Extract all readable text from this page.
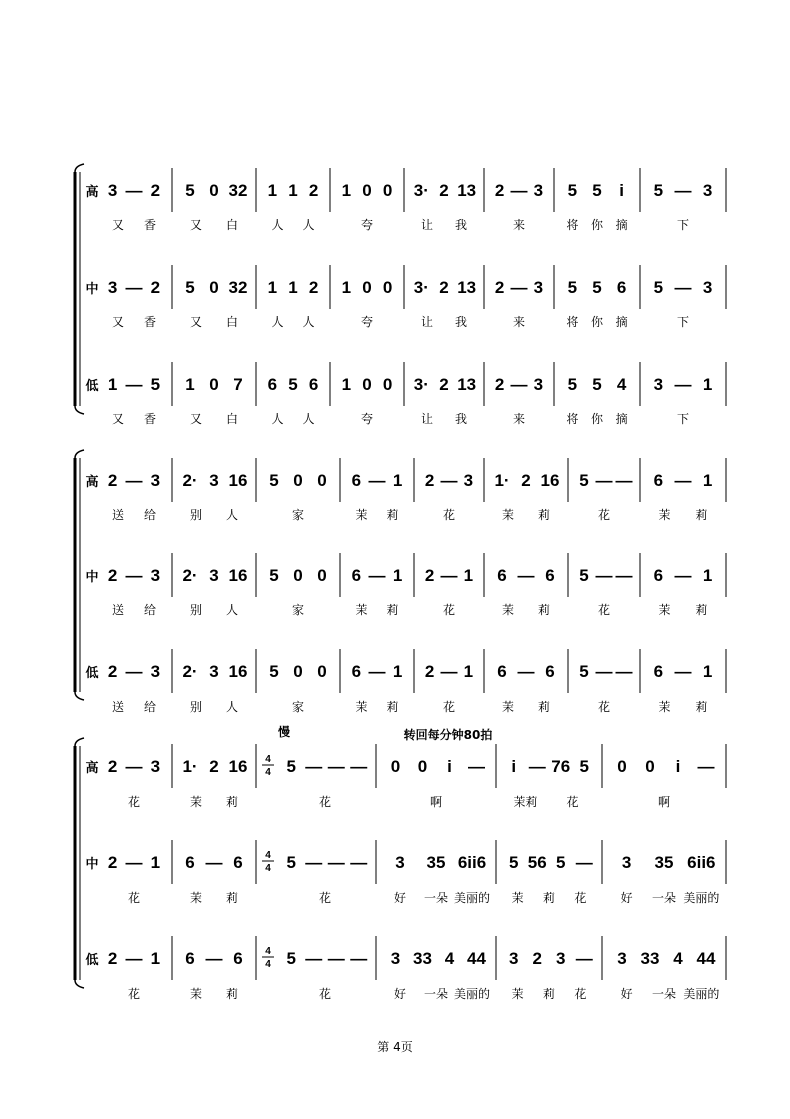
高 3 — 2
又 香
5 0 32
又 白
1 1 2
人 人
1 0 0
夸
3· 2 13
让 我
2 — 3
来
5 5 i
将 你 摘
5 — 3
下
中 3 — 2
又 香
5 0 32
又 白
1 1 2
人 人
1 0 0
夸
3· 2 13
让 我
2 — 3
来
5 5 6
将 你 摘
5 — 3
下
低 1 — 5
又 香
1 0 7
又 白
6 5 6
人 人
1 0 0
夸
3· 2 13
让 我
2 — 3
来
5 5 4
将 你 摘
3 — 1
下
高 2 — 3
送 给
2· 3 16
别 人
5 0 0
家
6 — 1
茉 莉
2 — 3
花
1· 2 16
茉 莉
5 — —
花
6 — 1
茉 莉
中 2 — 3
送 给
2· 3 16
别 人
5 0 0
家
6 — 1
茉 莉
2 — 1
花
6 — 6
茉 莉
5 — —
花
6 — 1
茉 莉
低 2 — 3
送 给
2· 3 16
别 人
5 0 0
家
6 — 1
茉 莉
2 — 1
花
6 — 6
茉 莉
5 — —
花
6 — 1
茉 莉
高 2 — 3
花
1· 2 16
茉 莉
4
4 5 — — —
花
0 0 i —
啊
i — 76 5
茉莉 花
0 0 i —
啊
中 2 — 1
花
6 — 6
茉 莉
4
4 5 — — —
花
3 35 6ii6
好 一朵 美丽的
5 56 5 —
茉 莉 花
3 35 6ii6
好 一朵 美丽的
低 2 — 1
花
6 — 6
茉 莉
4
4 5 — — —
花
3 33 4 44
好 一朵 美丽的
3 2 3 —
茉 莉 花
3 33 4 44
好 一朵 美丽的
慢	转回每分钟80拍
第 4页
